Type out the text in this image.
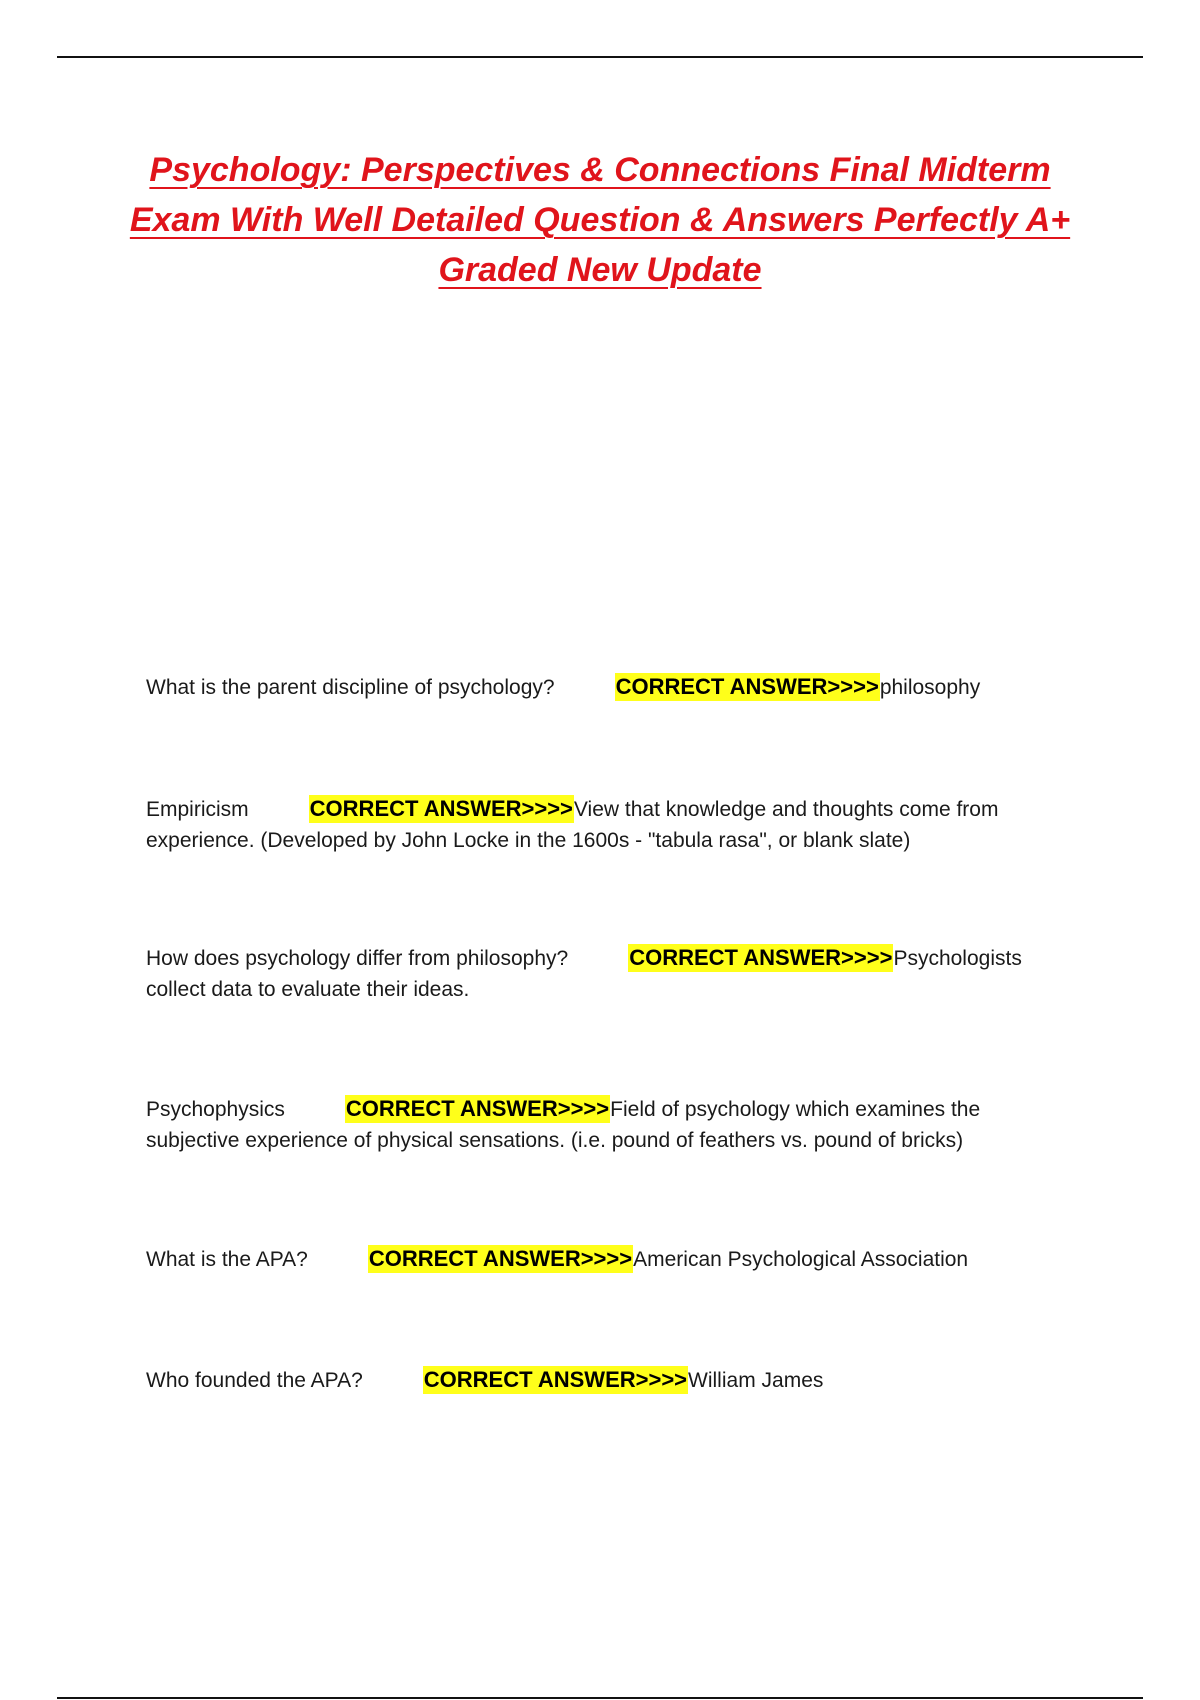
Psychology: Perspectives & Connections Final Midterm Exam With Well Detailed Question & Answers Perfectly A+ Graded New Update

What is the parent discipline of psychology?	CORRECT ANSWER>>>>philosophy

Empiricism	CORRECT ANSWER>>>>View that knowledge and thoughts come from experience. (Developed by John Locke in the 1600s - "tabula rasa", or blank slate)

How does psychology differ from philosophy?	CORRECT ANSWER>>>>Psychologists collect data to evaluate their ideas.

Psychophysics	CORRECT ANSWER>>>>Field of psychology which examines the subjective experience of physical sensations. (i.e. pound of feathers vs. pound of bricks)

What is the APA?	CORRECT ANSWER>>>>American Psychological Association

Who founded the APA?	CORRECT ANSWER>>>>William James
